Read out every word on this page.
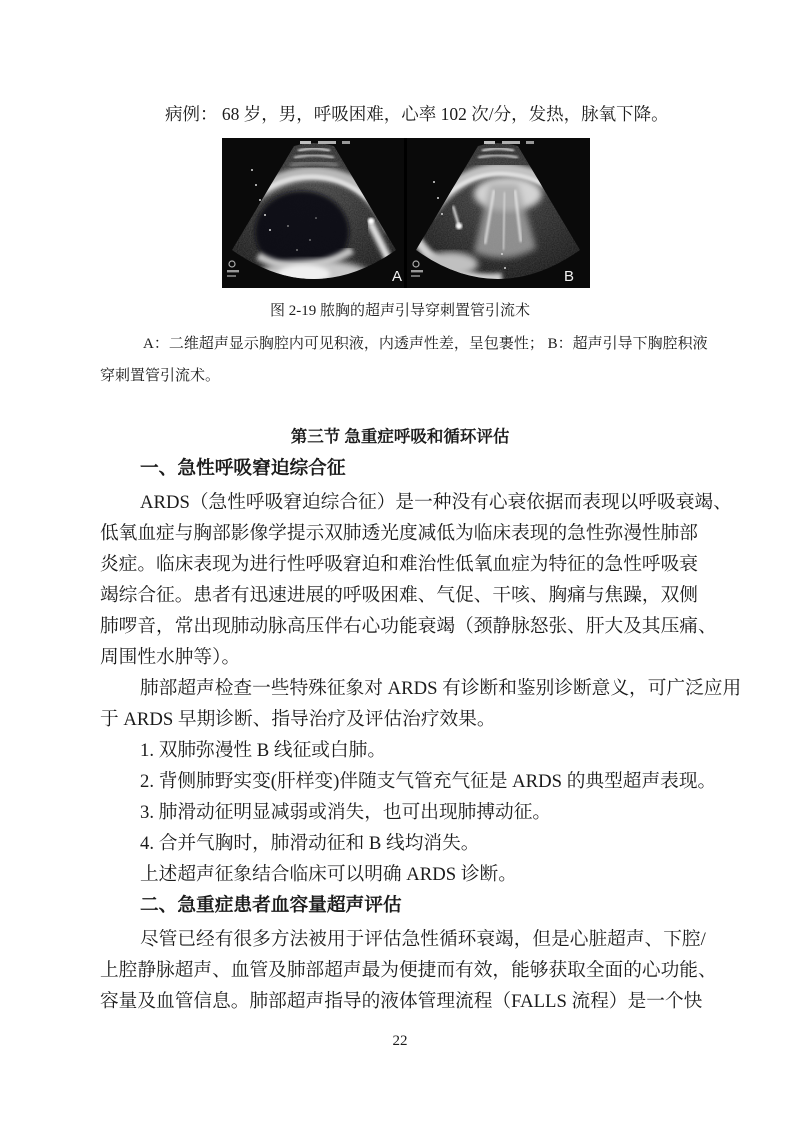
病例： 68 岁，男，呼吸困难，心率 102 次/分，发热，脉氧下降。
A	B
图 2-19 脓胸的超声引导穿刺置管引流术
A：二维超声显示胸腔内可见积液，内透声性差，呈包裹性； B：超声引导下胸腔积液
穿刺置管引流术。
第三节 急重症呼吸和循环评估
一、急性呼吸窘迫综合征
ARDS（急性呼吸窘迫综合征）是一种没有心衰依据而表现以呼吸衰竭、
低氧血症与胸部影像学提示双肺透光度减低为临床表现的急性弥漫性肺部
炎症。临床表现为进行性呼吸窘迫和难治性低氧血症为特征的急性呼吸衰
竭综合征。患者有迅速进展的呼吸困难、气促、干咳、胸痛与焦躁，双侧
肺啰音，常出现肺动脉高压伴右心功能衰竭（颈静脉怒张、肝大及其压痛、
周围性水肿等）。
肺部超声检查一些特殊征象对 ARDS 有诊断和鉴别诊断意义，可广泛应用
于 ARDS 早期诊断、指导治疗及评估治疗效果。
1. 双肺弥漫性 B 线征或白肺。
2. 背侧肺野实变(肝样变)伴随支气管充气征是 ARDS 的典型超声表现。
3. 肺滑动征明显减弱或消失，也可出现肺搏动征。
4. 合并气胸时，肺滑动征和 B 线均消失。
上述超声征象结合临床可以明确 ARDS 诊断。
二、急重症患者血容量超声评估
尽管已经有很多方法被用于评估急性循环衰竭，但是心脏超声、下腔/
上腔静脉超声、血管及肺部超声最为便捷而有效，能够获取全面的心功能、
容量及血管信息。肺部超声指导的液体管理流程（FALLS 流程）是一个快
22
